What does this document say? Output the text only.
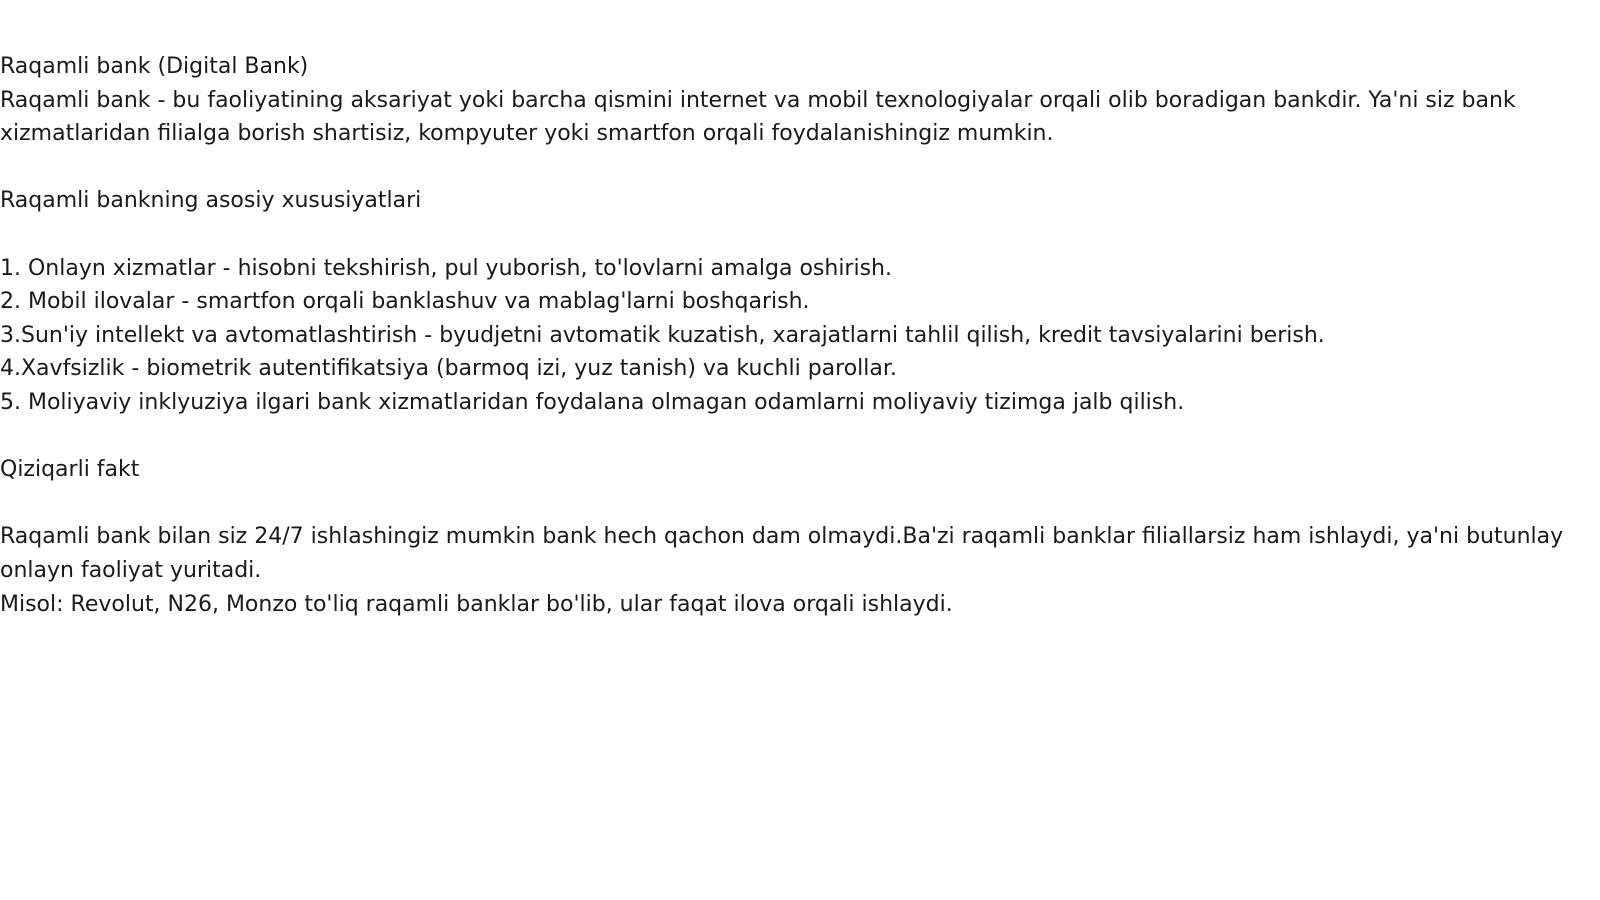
Raqamli bank (Digital Bank)
Raqamli bank - bu faoliyatining aksariyat yoki barcha qismini internet va mobil texnologiyalar orqali olib boradigan bankdir. Ya'ni siz bank
xizmatlaridan filialga borish shartisiz, kompyuter yoki smartfon orqali foydalanishingiz mumkin.
Raqamli bankning asosiy xususiyatlari
1. Onlayn xizmatlar - hisobni tekshirish, pul yuborish, to'lovlarni amalga oshirish.
2. Mobil ilovalar - smartfon orqali banklashuv va mablag'larni boshqarish.
3.Sun'iy intellekt va avtomatlashtirish - byudjetni avtomatik kuzatish, xarajatlarni tahlil qilish, kredit tavsiyalarini berish.
4.Xavfsizlik - biometrik autentifikatsiya (barmoq izi, yuz tanish) va kuchli parollar.
5. Moliyaviy inklyuziya ilgari bank xizmatlaridan foydalana olmagan odamlarni moliyaviy tizimga jalb qilish.
Qiziqarli fakt
Raqamli bank bilan siz 24/7 ishlashingiz mumkin bank hech qachon dam olmaydi.Ba'zi raqamli banklar filiallarsiz ham ishlaydi, ya'ni butunlay
onlayn faoliyat yuritadi.
Misol: Revolut, N26, Monzo to'liq raqamli banklar bo'lib, ular faqat ilova orqali ishlaydi.
